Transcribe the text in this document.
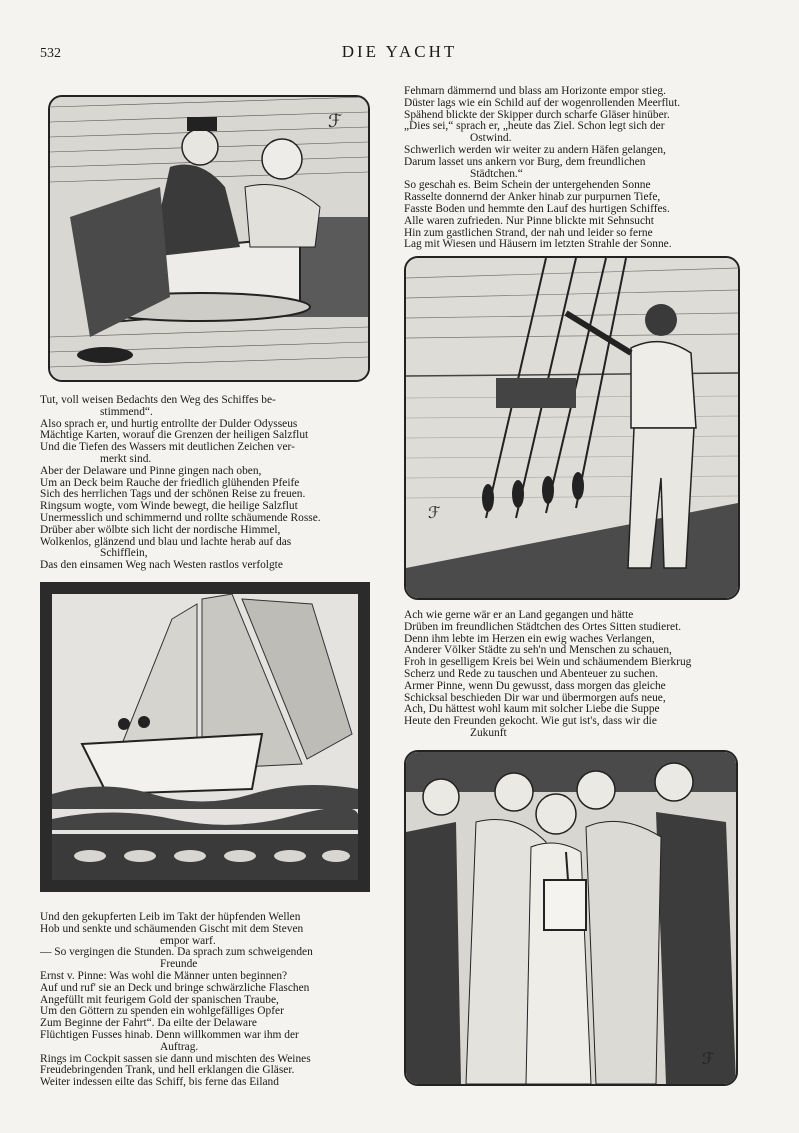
532	DIE YACHT
ℱ

Fehmarn dämmernd und blass am Horizonte empor stieg.

Düster lags wie ein Schild auf der wogenrollenden Meerflut.

Spähend blickte der Skipper durch scharfe Gläser hinüber.

„Dies sei,“ sprach er, „heute das Ziel. Schon legt sich der

Ostwind.

Schwerlich werden wir weiter zu andern Häfen gelangen,

Darum lasset uns ankern vor Burg, dem freundlichen

Städtchen.“

So geschah es. Beim Schein der untergehenden Sonne

Rasselte donnernd der Anker hinab zur purpurnen Tiefe,

Fasste Boden und hemmte den Lauf des hurtigen Schiffes.

Alle waren zufrieden. Nur Pinne blickte mit Sehnsucht

Hin zum gastlichen Strand, der nah und leider so ferne

Lag mit Wiesen und Häusern im letzten Strahle der Sonne.

ℱ

Tut, voll weisen Bedachts den Weg des Schiffes be-

stimmend“.

Also sprach er, und hurtig entrollte der Dulder Odysseus

Mächtige Karten, worauf die Grenzen der heiligen Salzflut

Und die Tiefen des Wassers mit deutlichen Zeichen ver-

merkt sind.

Aber der Delaware und Pinne gingen nach oben,

Um an Deck beim Rauche der friedlich glühenden Pfeife

Sich des herrlichen Tags und der schönen Reise zu freuen.

Ringsum wogte, vom Winde bewegt, die heilige Salzflut

Unermesslich und schimmernd und rollte schäumende Rosse.

Drüber aber wölbte sich licht der nordische Himmel,

Wolkenlos, glänzend und blau und lachte herab auf das

Schifflein,

Das den einsamen Weg nach Westen rastlos verfolgte

Ach wie gerne wär er an Land gegangen und hätte

Drüben im freundlichen Städtchen des Ortes Sitten studieret.

Denn ihm lebte im Herzen ein ewig waches Verlangen,

Anderer Völker Städte zu seh'n und Menschen zu schauen,

Froh in geselligem Kreis bei Wein und schäumendem Bierkrug

Scherz und Rede zu tauschen und Abenteuer zu suchen.

Armer Pinne, wenn Du gewusst, dass morgen das gleiche

Schicksal beschieden Dir war und übermorgen aufs neue,

Ach, Du hättest wohl kaum mit solcher Liebe die Suppe

Heute den Freunden gekocht. Wie gut ist's, dass wir die

Zukunft

ℱ

Und den gekupferten Leib im Takt der hüpfenden Wellen

Hob und senkte und schäumenden Gischt mit dem Steven

empor warf.

— So vergingen die Stunden. Da sprach zum schweigenden

Freunde

Ernst v. Pinne: Was wohl die Männer unten beginnen?

Auf und ruf' sie an Deck und bringe schwärzliche Flaschen

Angefüllt mit feurigem Gold der spanischen Traube,

Um den Göttern zu spenden ein wohlgefälliges Opfer

Zum Beginne der Fahrt“. Da eilte der Delaware

Flüchtigen Fusses hinab. Denn willkommen war ihm der

Auftrag.

Rings im Cockpit sassen sie dann und mischten des Weines

Freudebringenden Trank, und hell erklangen die Gläser.

Weiter indessen eilte das Schiff, bis ferne das Eiland
